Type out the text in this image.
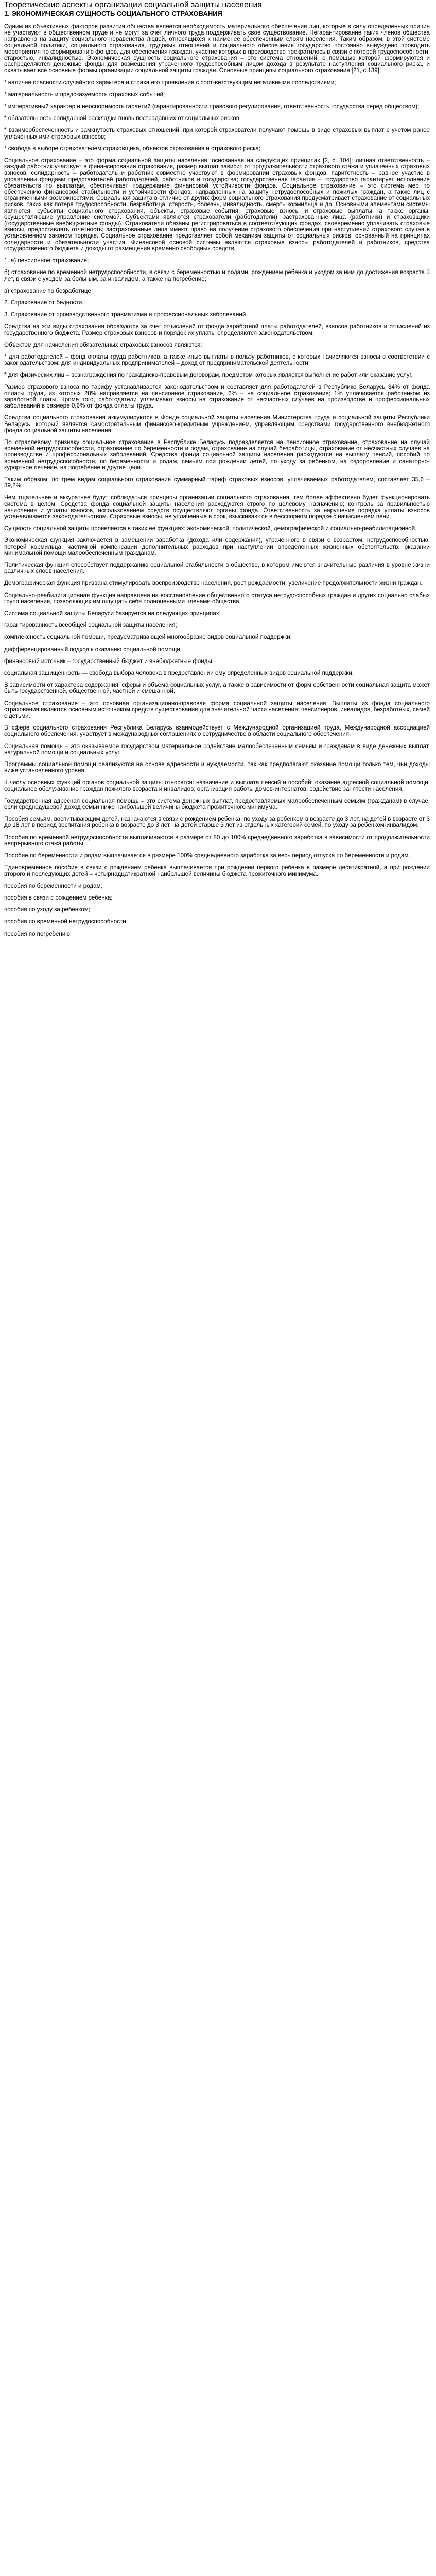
Теоретические аспекты организации социальной защиты населения
1. ЭКОНОМИЧЕСКАЯ СУЩНОСТЬ СОЦИАЛЬНОГО СТРАХОВАНИЯ

Одним из объективных факторов развития общества является необходимость материального обеспечения лиц, которые в силу определенных причин не участвуют в общественном труде и не могут за счет личного труда поддерживать свое существование. Негарантирование таких членов общества направлено на защиту социального неравенства людей, относящихся к наименее обеспеченным слоям населения. Таким образом, в этой системе социальной политики, социального страхования, трудовых отношений и социального обеспечения государство постоянно вынуждено проводить мероприятия по формированию фондов, для обеспечения граждан, участие которых в производстве прекратилось в связи с потерей трудоспособности, старостью, инвалидностью. Экономическая сущность социального страхования – это система отношений, с помощью которой формируются и распределяются денежные фонды для возмещения утраченного трудоспособным лицом дохода в результате наступления социального риска, и охватывает все основные формы организации социальной защиты граждан. Основные принципы социального страхования [21, с.139]:

* наличие опасности случайного характера и страха его проявления с соот-ветствующим негативными последствиями;

* материальность и предсказуемость страховых событий;

* императивный характер и неоспоримость гарантий (гарантированности правового регулирования, ответственность государства перед обществом);

* обязательность солидарной раскладки вновь пострадавших от социальных рисков;

* взаимообеспеченность и замкнутость страховых отношений, при которой страхователи получают помощь в виде страховых выплат с учетом ранее уплаченных ими страховых взносов;

* свобода в выборе страхователем страховщика, объектов страхования и страхового риска;

Социальное страхование – это форма социальной защиты населения, основанная на следующих принципах [2, с. 104]: личная ответственность – каждый работник участвует в финансировании страхования, размер выплат зависит от продолжительности страхового стажа и уплаченных страховых взносов; солидарность – работодатель и работник совместно участвуют в формировании страховых фондов; паритетность – равное участие в управлении фондами представителей работодателей, работников и государства; государственная гарантия – государство гарантирует исполнение обязательств по выплатам, обеспечивает поддержание финансовой устойчивости фондов. Социальное страхование – это система мер по обеспечению финансовой стабильности и устойчивости фондов, направленных на защиту нетрудоспособных и пожилых граждан, а также лиц с ограниченными возможностями. Социальная защита в отличие от других форм социального страхования предусматривает страхование от социальных рисков, таких как потеря трудоспособности, безработица, старость, болезнь, инвалидность, смерть кормильца и др. Основными элементами системы являются: субъекты социального страхования, объекты, страховые события, страховые взносы и страховые выплаты, а также органы, осуществляющие управление системой. Субъектами являются страхователи (работодатели), застрахованные лица (работники) и страховщики (государственные внебюджетные фонды). Страхователи обязаны регистрироваться в соответствующих фондах, своевременно уплачивать страховые взносы, предоставлять отчетность; застрахованные лица имеют право на получение страхового обеспечения при наступлении страхового случая в установленном законом порядке. Социальное страхование представляет собой механизм защиты от социальных рисков, основанный на принципах солидарности и обязательности участия. Финансовой основой системы являются страховые взносы работодателей и работников, средства государственного бюджета и доходы от размещения временно свободных средств.

1. а) пенсионное страхование;

б) страхование по временной нетрудоспособности, в связи с беременностью и родами, рождением ребенка и уходом за ним до достижения возраста 3 лет, в связи с уходом за больным, за инвалидом, а также на погребение;

в) страхование по безработице;

2. Страхование от бедности.

3. Страхование от производственного травматизма и профессиональных заболеваний.

Средства на эти виды страхования образуются за счет отчислений от фонда заработной платы работодателей, взносов работников и отчислений из государственного бюджета. Размер страховых взносов и порядок их уплаты определяются законодательством.

Объектом для начисления обязательных страховых взносов являются:

* для работодателей – фонд оплаты труда работников, а также иные выплаты в пользу работников, с которых начисляются взносы в соответствии с законодательством; для индивидуальных предпринимателей – доход от предпринимательской деятельности;

* для физических лиц – вознаграждения по гражданско-правовым договорам, предметом которых является выполнение работ или оказание услуг.

Размер страхового взноса по тарифу устанавливается законодательством и составляет для работодателей в Республике Беларусь 34% от фонда оплаты труда, из которых 28% направляется на пенсионное страхование, 6% – на социальное страхование; 1% уплачивается работником из заработной платы. Кроме того, работодатели уплачивают взносы на страхование от несчастных случаев на производстве и профессиональных заболеваний в размере 0,6% от фонда оплаты труда.

Средства социального страхования аккумулируются в Фонде социальной защиты населения Министерства труда и социальной защиты Республики Беларусь, который является самостоятельным финансово-кредитным учреждением, управляющим средствами государственного внебюджетного фонда социальной защиты населения.

По отраслевому признаку социальное страхование в Республике Беларусь подразделяется на пенсионное страхование, страхование на случай временной нетрудоспособности, страхование по беременности и родам, страхование на случай безработицы, страхование от несчастных случаев на производстве и профессиональных заболеваний. Средства фонда социальной защиты населения расходуются на выплату пенсий, пособий по временной нетрудоспособности, по беременности и родам, семьям при рождении детей, по уходу за ребенком, на оздоровление и санаторно-курортное лечение, на погребение и другие цели.

Таким образом, по трем видам социального страхования суммарный тариф страховых взносов, уплачиваемых работодателем, составляет 35,6 – 39,2%.

Чем тщательнее и аккуратнее будут соблюдаться принципы организации социального страхования, тем более эффективно будет функционировать система в целом. Средства фонда социальной защиты населения расходуются строго по целевому назначению; контроль за правильностью начисления и уплаты взносов, использованием средств осуществляют органы фонда. Ответственность за нарушение порядка уплаты взносов устанавливается законодательством. Страховые взносы, не уплаченные в срок, взыскиваются в бесспорном порядке с начислением пени.

Сущность социальной защиты проявляется в таких ее функциях: экономической, политической, демографической и социально-реабилитационной.

Экономическая функция заключается в замещении заработка (дохода или содержания), утраченного в связи с возрастом, нетрудоспособностью, потерей кормильца, частичной компенсации дополнительных расходов при наступлении определенных жизненных обстоятельств, оказании минимальной помощи малообеспеченным гражданам.

Политическая функция способствует поддержанию социальной стабильности в обществе, в котором имеются значительные различия в уровне жизни различных слоев населения.

Демографическая функция призвана стимулировать воспроизводство населения, рост рождаемости, увеличение продолжительности жизни граждан.

Социально-реабилитационная функция направлена на восстановление общественного статуса нетрудоспособных граждан и других социально слабых групп населения, позволяющих им ощущать себя полноценными членами общества.

Система социальной защиты Беларуси базируется на следующих принципах:

гарантированность всеобщей социальной защиты населения;

комплексность социальной помощи, предусматривающей многообразие видов социальной поддержки;

дифференцированный подход к оказанию социальной помощи;

финансовый источник – государственный бюджет и внебюджетные фонды;

социальная защищенность — свобода выбора человека в предоставлении ему определенных видов социальной поддержки.

В зависимости от характера содержания, сферы и объема социальных услуг, а также в зависимости от форм собственности социальная защита может быть государственной, общественной, частной и смешанной.

Социальное страхование – это основная организационно-правовая форма социальной защиты населения. Выплаты из фонда социального страхования являются основным источником средств существования для значительной части населения: пенсионеров, инвалидов, безработных, семей с детьми.

В сфере социального страхования Республика Беларусь взаимодействует с Международной организацией труда, Международной ассоциацией социального обеспечения, участвует в международных соглашениях о сотрудничестве в области социального обеспечения.

Социальная помощь – это оказываемое государством материальное содействие малообеспеченным семьям и гражданам в виде денежных выплат, натуральной помощи и социальных услуг.

Программы социальной помощи реализуются на основе адресности и нуждаемости, так как предполагают оказание помощи только тем, чьи доходы ниже установленного уровня.

К числу основных функций органов социальной защиты относятся: назначение и выплата пенсий и пособий; оказание адресной социальной помощи; социальное обслуживание граждан пожилого возраста и инвалидов; организация работы домов-интернатов; содействие занятости населения.

Государственная адресная социальная помощь – это система денежных выплат, предоставляемых малообеспеченным семьям (гражданам) в случае, если среднедушевой доход семьи ниже наибольшей величины бюджета прожиточного минимума.

Пособия семьям, воспитывающим детей, назначаются в связи с рождением ребенка, по уходу за ребенком в возрасте до 3 лет, на детей в возрасте от 3 до 18 лет в период воспитания ребенка в возрасте до 3 лет, на детей старше 3 лет из отдельных категорий семей, по уходу за ребенком-инвалидом.

Пособия по временной нетрудоспособности выплачиваются в размере от 80 до 100% среднедневного заработка в зависимости от продолжительности непрерывного стажа работы.

Пособие по беременности и родам выплачивается в размере 100% среднедневного заработка за весь период отпуска по беременности и родам.

Единовременное пособие в связи с рождением ребенка выплачивается при рождении первого ребенка в размере десятикратной, а при рождении второго и последующих детей – четырнадцатикратной наибольшей величины бюджета прожиточного минимума.

пособия по беременности и родам;

пособия в связи с рождением ребенка;

пособия по уходу за ребенком;

пособия по временной нетрудоспособности;

пособия по погребению.
